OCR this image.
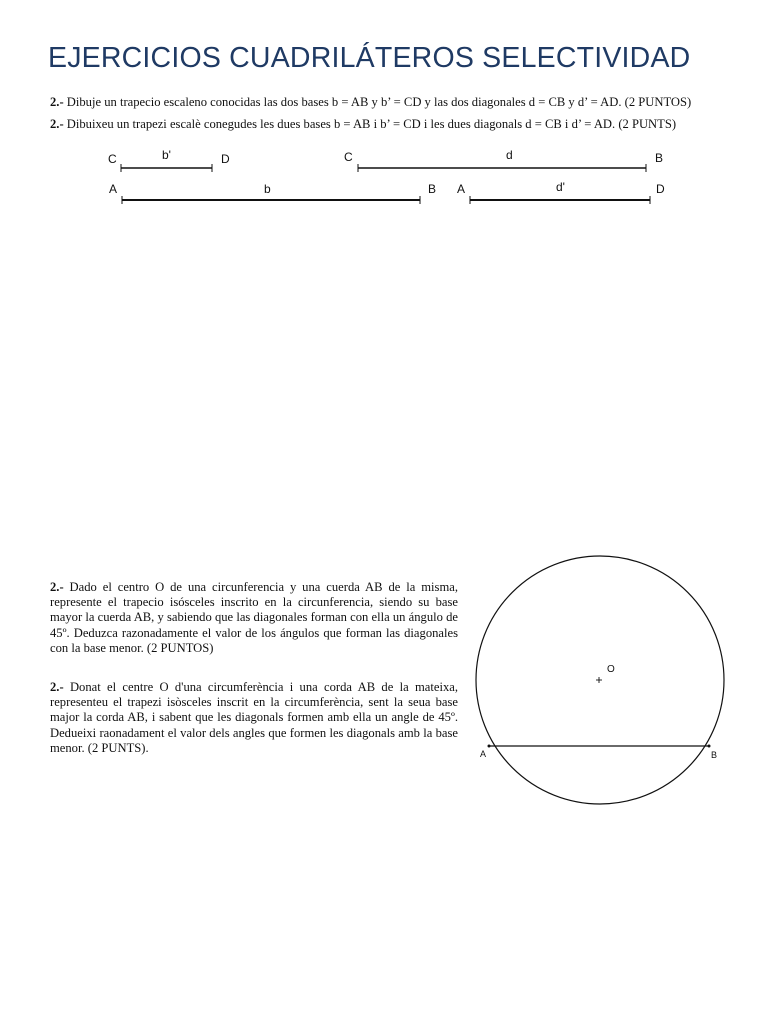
EJERCICIOS CUADRILÁTEROS SELECTIVIDAD
2.- Dibuje un trapecio escaleno conocidas las dos bases b = AB y b’ = CD y las dos diagonales d = CB y d’ = AD. (2 PUNTOS)
2.- Dibuixeu un trapezi escalè conegudes les dues bases b = AB i b’ = CD i les dues diagonals d = CB i d’ = AD. (2 PUNTS)
C	b'	D	C	d	B
A	b	B A	d'	D
2.- Dado el centro O de una circunferencia y una cuerda AB de la misma, represente el trapecio isósceles inscrito en la circunferencia, siendo su base mayor la cuerda AB, y sabiendo que las diagonales forman con ella un ángulo de 45º. Deduzca razonadamente el valor de los ángulos que forman las diagonales con la base menor. (2 PUNTOS)
2.- Donat el centre O d'una circumferència i una corda AB de la mateixa, representeu el trapezi isòsceles inscrit en la circumferència, sent la seua base major la corda AB, i sabent que les diagonals formen amb ella un angle de 45º. Dedueixi raonadament el valor dels angles que formen les diagonals amb la base menor. (2 PUNTS).
O
A	B
